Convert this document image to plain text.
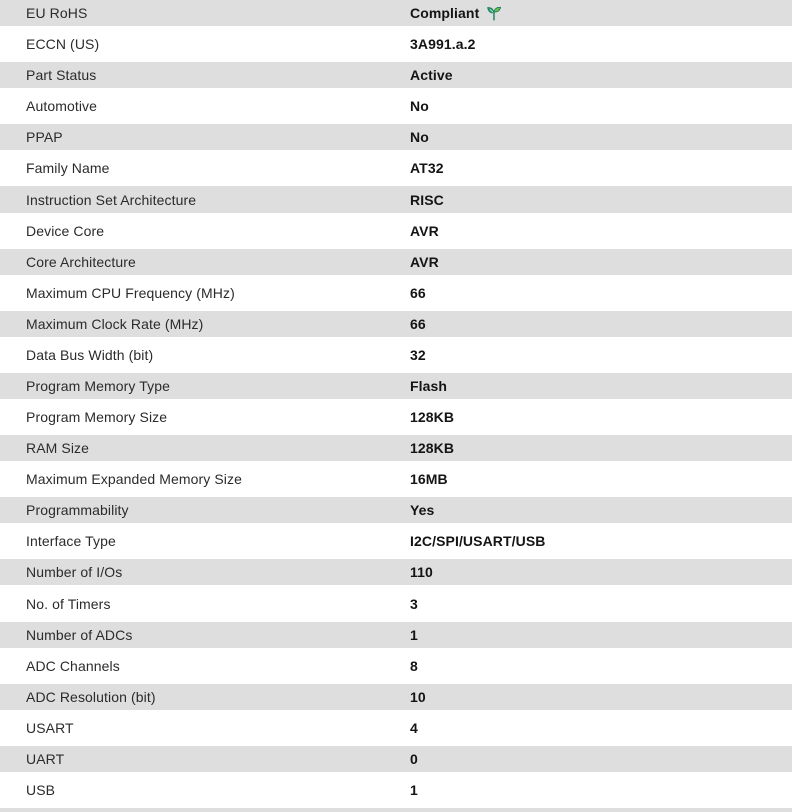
EU RoHS	Compliant
ECCN (US)	3A991.a.2
Part Status	Active
Automotive	No
PPAP	No
Family Name	AT32
Instruction Set Architecture	RISC
Device Core	AVR
Core Architecture	AVR
Maximum CPU Frequency (MHz)	66
Maximum Clock Rate (MHz)	66
Data Bus Width (bit)	32
Program Memory Type	Flash
Program Memory Size	128KB
RAM Size	128KB
Maximum Expanded Memory Size	16MB
Programmability	Yes
Interface Type	I2C/SPI/USART/USB
Number of I/Os	110
No. of Timers	3
Number of ADCs	1
ADC Channels	8
ADC Resolution (bit)	10
USART	4
UART	0
USB	1
